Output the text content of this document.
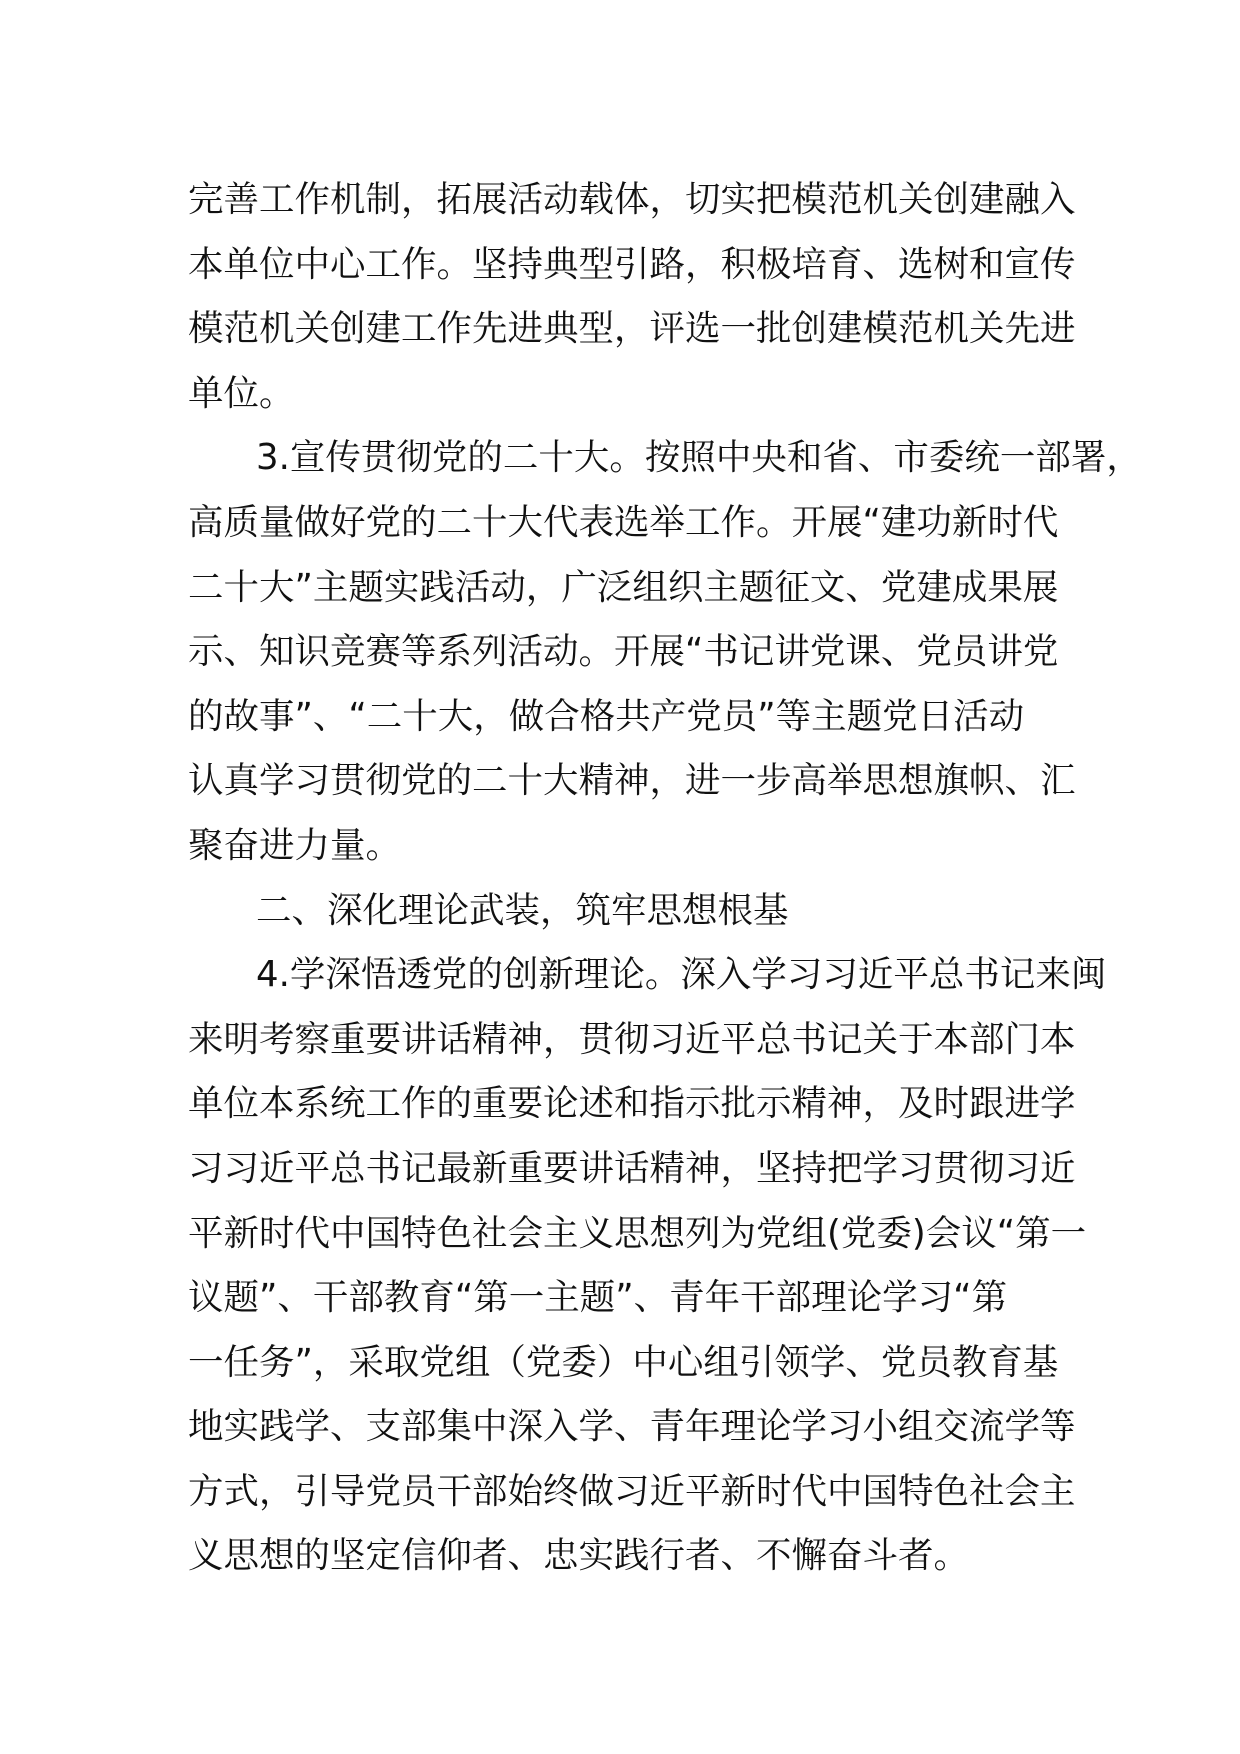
完善工作机制，拓展活动载体，切实把模范机关创建融入
本单位中心工作。坚持典型引路，积极培育、选树和宣传
模范机关创建工作先进典型，评选一批创建模范机关先进
单位。
3.宣传贯彻党的二十大。按照中央和省、市委统一部署，
高质量做好党的二十大代表选举工作。开展“建功新时代
二十大”主题实践活动，广泛组织主题征文、党建成果展
示、知识竞赛等系列活动。开展“书记讲党课、党员讲党
的故事”、“二十大，做合格共产党员”等主题党日活动
认真学习贯彻党的二十大精神，进一步高举思想旗帜、汇
聚奋进力量。
二、深化理论武装，筑牢思想根基
4.学深悟透党的创新理论。深入学习习近平总书记来闽
来明考察重要讲话精神，贯彻习近平总书记关于本部门本
单位本系统工作的重要论述和指示批示精神，及时跟进学
习习近平总书记最新重要讲话精神，坚持把学习贯彻习近
平新时代中国特色社会主义思想列为党组(党委)会议“第一
议题”、干部教育“第一主题”、青年干部理论学习“第
一任务”，采取党组（党委）中心组引领学、党员教育基
地实践学、支部集中深入学、青年理论学习小组交流学等
方式，引导党员干部始终做习近平新时代中国特色社会主
义思想的坚定信仰者、忠实践行者、不懈奋斗者。
